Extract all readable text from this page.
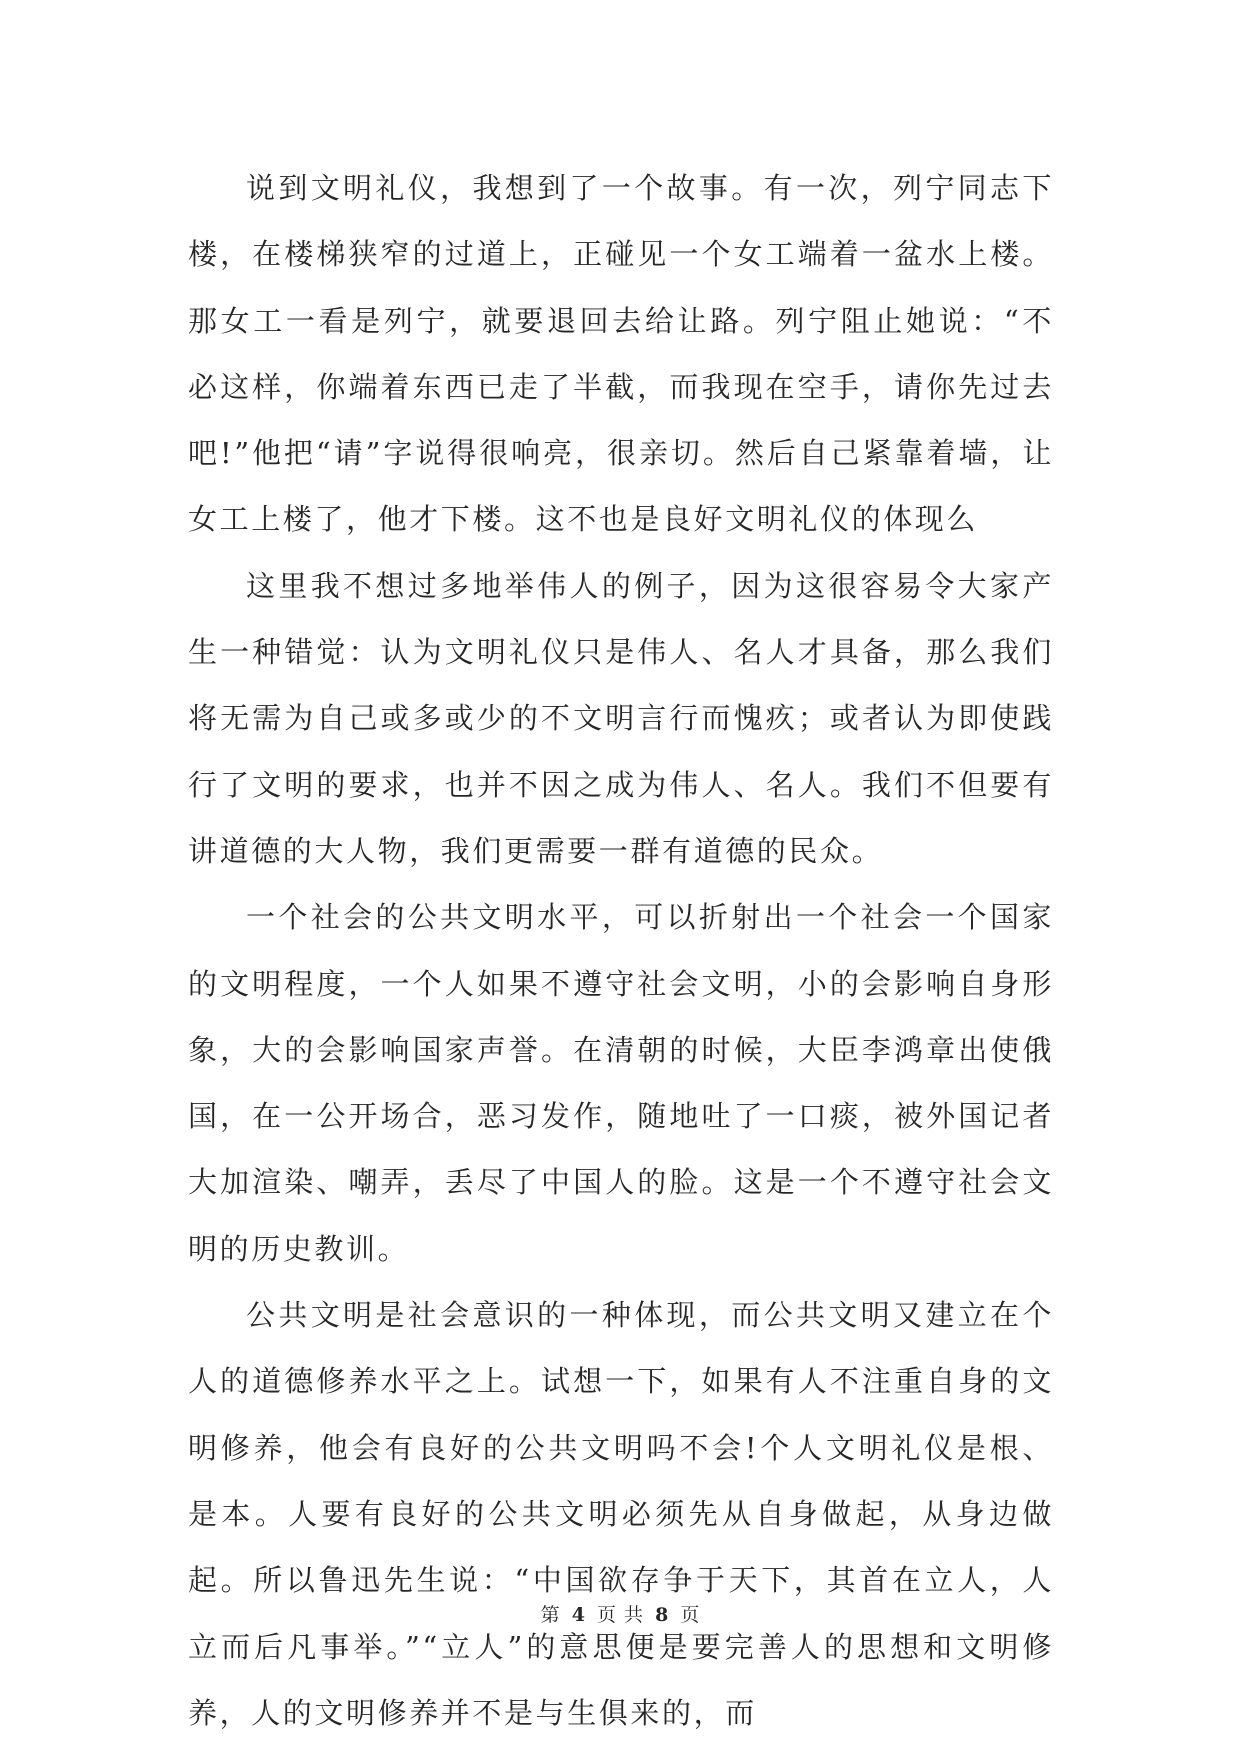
说到文明礼仪，我想到了一个故事。有一次，列宁同志下楼，在楼梯狭窄的过道上，正碰见一个女工端着一盆水上楼。那女工一看是列宁，就要退回去给让路。列宁阻止她说：“不必这样，你端着东西已走了半截，而我现在空手，请你先过去吧!”他把“请”字说得很响亮，很亲切。然后自己紧靠着墙，让女工上楼了，他才下楼。这不也是良好文明礼仪的体现么

这里我不想过多地举伟人的例子，因为这很容易令大家产生一种错觉：认为文明礼仪只是伟人、名人才具备，那么我们将无需为自己或多或少的不文明言行而愧疚；或者认为即使践行了文明的要求，也并不因之成为伟人、名人。我们不但要有讲道德的大人物，我们更需要一群有道德的民众。

一个社会的公共文明水平，可以折射出一个社会一个国家的文明程度，一个人如果不遵守社会文明，小的会影响自身形象，大的会影响国家声誉。在清朝的时候，大臣李鸿章出使俄国，在一公开场合，恶习发作，随地吐了一口痰，被外国记者大加渲染、嘲弄，丢尽了中国人的脸。这是一个不遵守社会文明的历史教训。

公共文明是社会意识的一种体现，而公共文明又建立在个人的道德修养水平之上。试想一下，如果有人不注重自身的文明修养，他会有良好的公共文明吗不会!个人文明礼仪是根、是本。人要有良好的公共文明必须先从自身做起，从身边做起。所以鲁迅先生说：“中国欲存争于天下，其首在立人，人立而后凡事举。”“立人”的意思便是要完善人的思想和文明修养，人的文明修养并不是与生俱来的，而

第 4 页 共 8 页
